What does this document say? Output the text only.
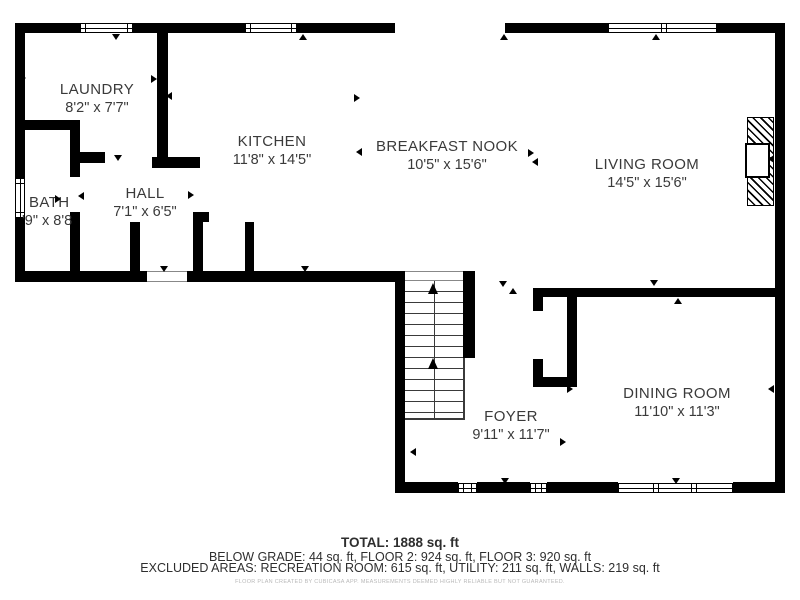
LAUNDRY
8'2" x 7'7"
KITCHEN
11'8" x 14'5"
BREAKFAST NOOK
10'5" x 15'6"	LIVING ROOM
14'5" x 15'6"
BATH
'9" x 8'8
HALL
7'1" x 6'5"
FOYER
9'11" x 11'7"
DINING ROOM
11'10" x 11'3"
TOTAL: 1888 sq. ft
BELOW GRADE: 44 sq. ft, FLOOR 2: 924 sq. ft, FLOOR 3: 920 sq. ft
EXCLUDED AREAS: RECREATION ROOM: 615 sq. ft, UTILITY: 211 sq. ft, WALLS: 219 sq. ft
FLOOR PLAN CREATED BY CUBICASA APP. MEASUREMENTS DEEMED HIGHLY RELIABLE BUT NOT GUARANTEED.
